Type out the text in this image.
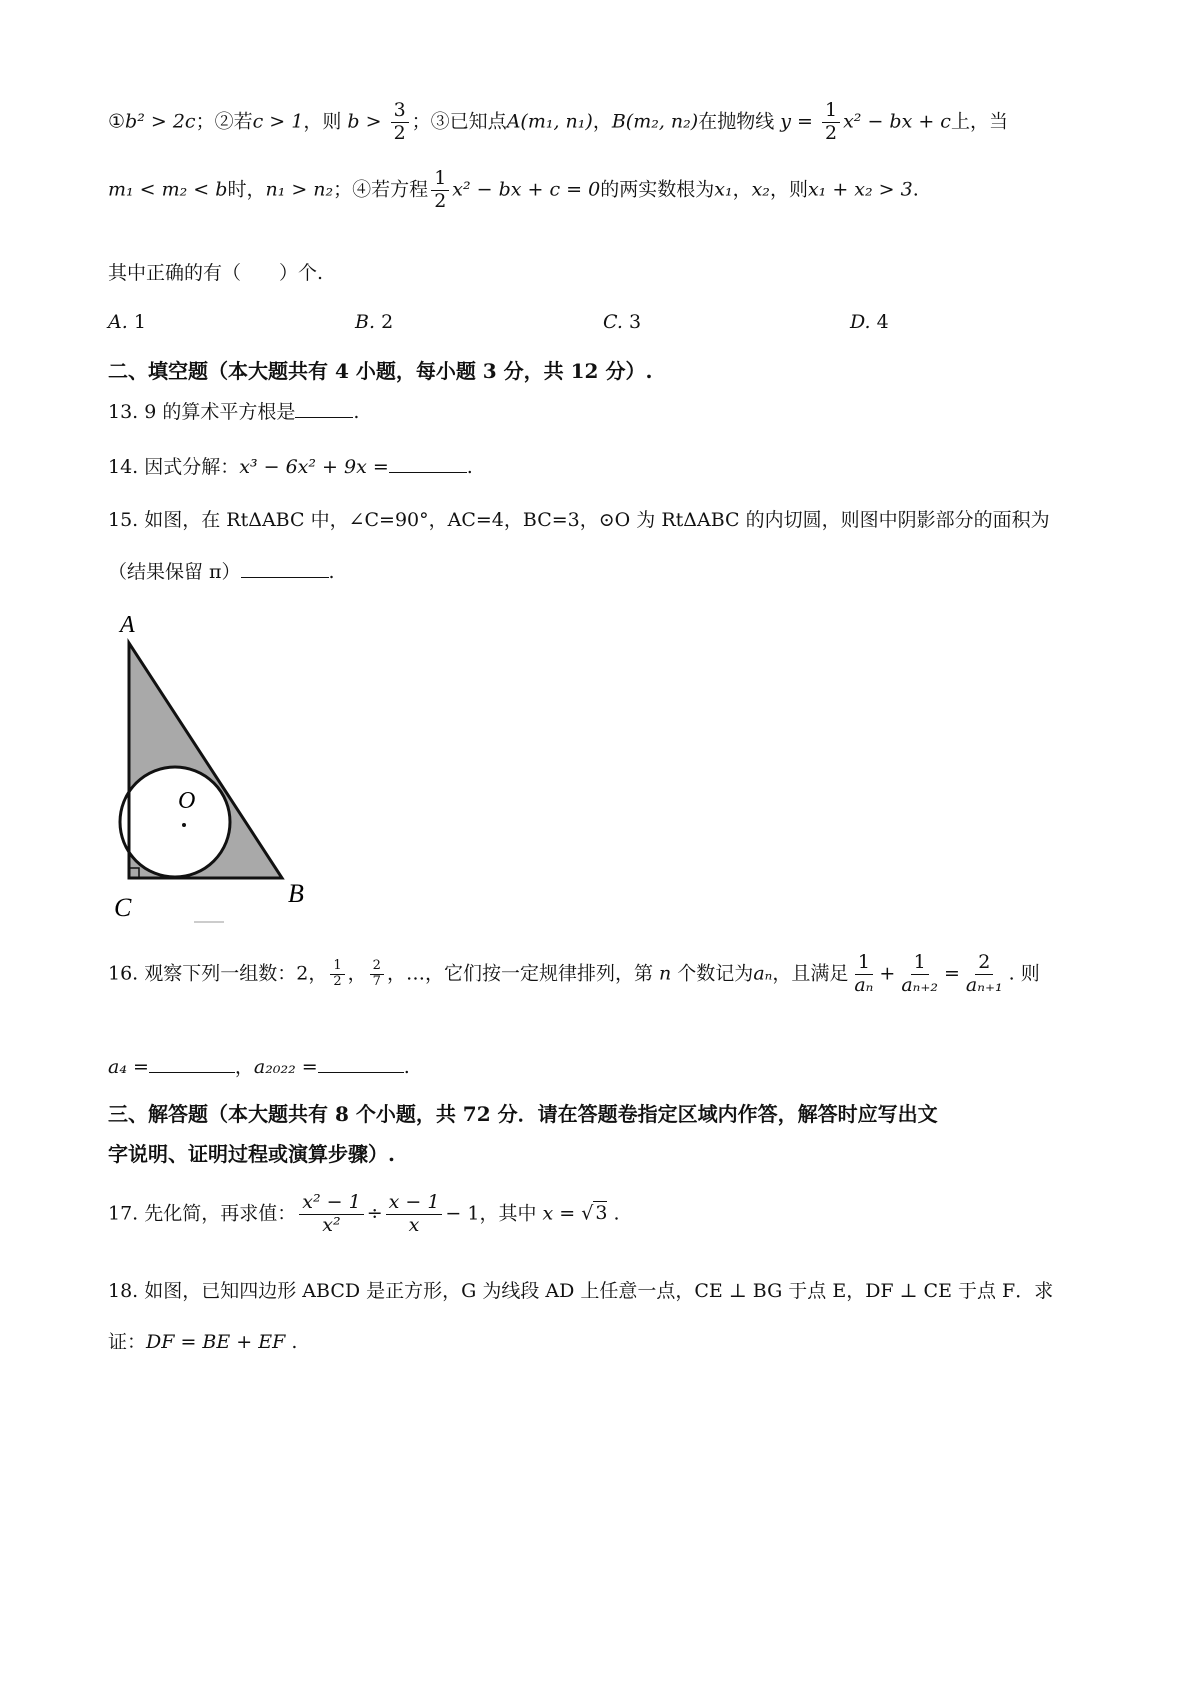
①b² > 2c；②若c > 1，则 $b > \frac{3}{2}$ ；③已知点A(m₁, n₁)，B(m₂, n₂)在抛物线 $y = \frac{1}{2} x^2$ − bx + c上，当
m₁ < m₂ < b时，n₁ > n₂；④若方程 $\frac{1}{2} x^2$ − bx + c = 0的两实数根为x₁，x₂，则x₁ + x₂ > 3.
其中正确的有（　　）个.
A. 1	B. 2	C. 3	D. 4
二、填空题（本大题共有 4 小题，每小题 3 分，共 12 分）.
13. 9 的算术平方根是	.
14. 因式分解：x³ − 6x² + 9x =	.
15. 如图，在 RtΔABC 中，∠C=90°，AC=4，BC=3，⊙O 为 RtΔABC 的内切圆，则图中阴影部分的面积为
（结果保留 π）	.
A
O
C	B
16. 观察下列一组数：2， $\frac{1}{2}$ ， $\frac{2}{7}$ ，…，它们按一定规律排列，第 n 个数记为aₙ，且满足 $\frac{1}{\text{aₙ}} + \frac{1}{\text{aₙ₊₂}} = \frac{2}{\text{aₙ₊₁}}$ . 则
a₄ =	，a₂₀₂₂ =	.
三、解答题（本大题共有 8 个小题，共 72 分．请在答题卷指定区域内作答，解答时应写出文
字说明、证明过程或演算步骤）.
17. 先化简，再求值： $\frac{\text{x² − 1}}{\text{x²}} \div \frac{x - 1}{x} - 1$，其中 x = √ 3 .
18. 如图，已知四边形 ABCD 是正方形，G 为线段 AD 上任意一点，CE ⊥ BG 于点 E，DF ⊥ CE 于点 F．求
证：DF = BE + EF .
